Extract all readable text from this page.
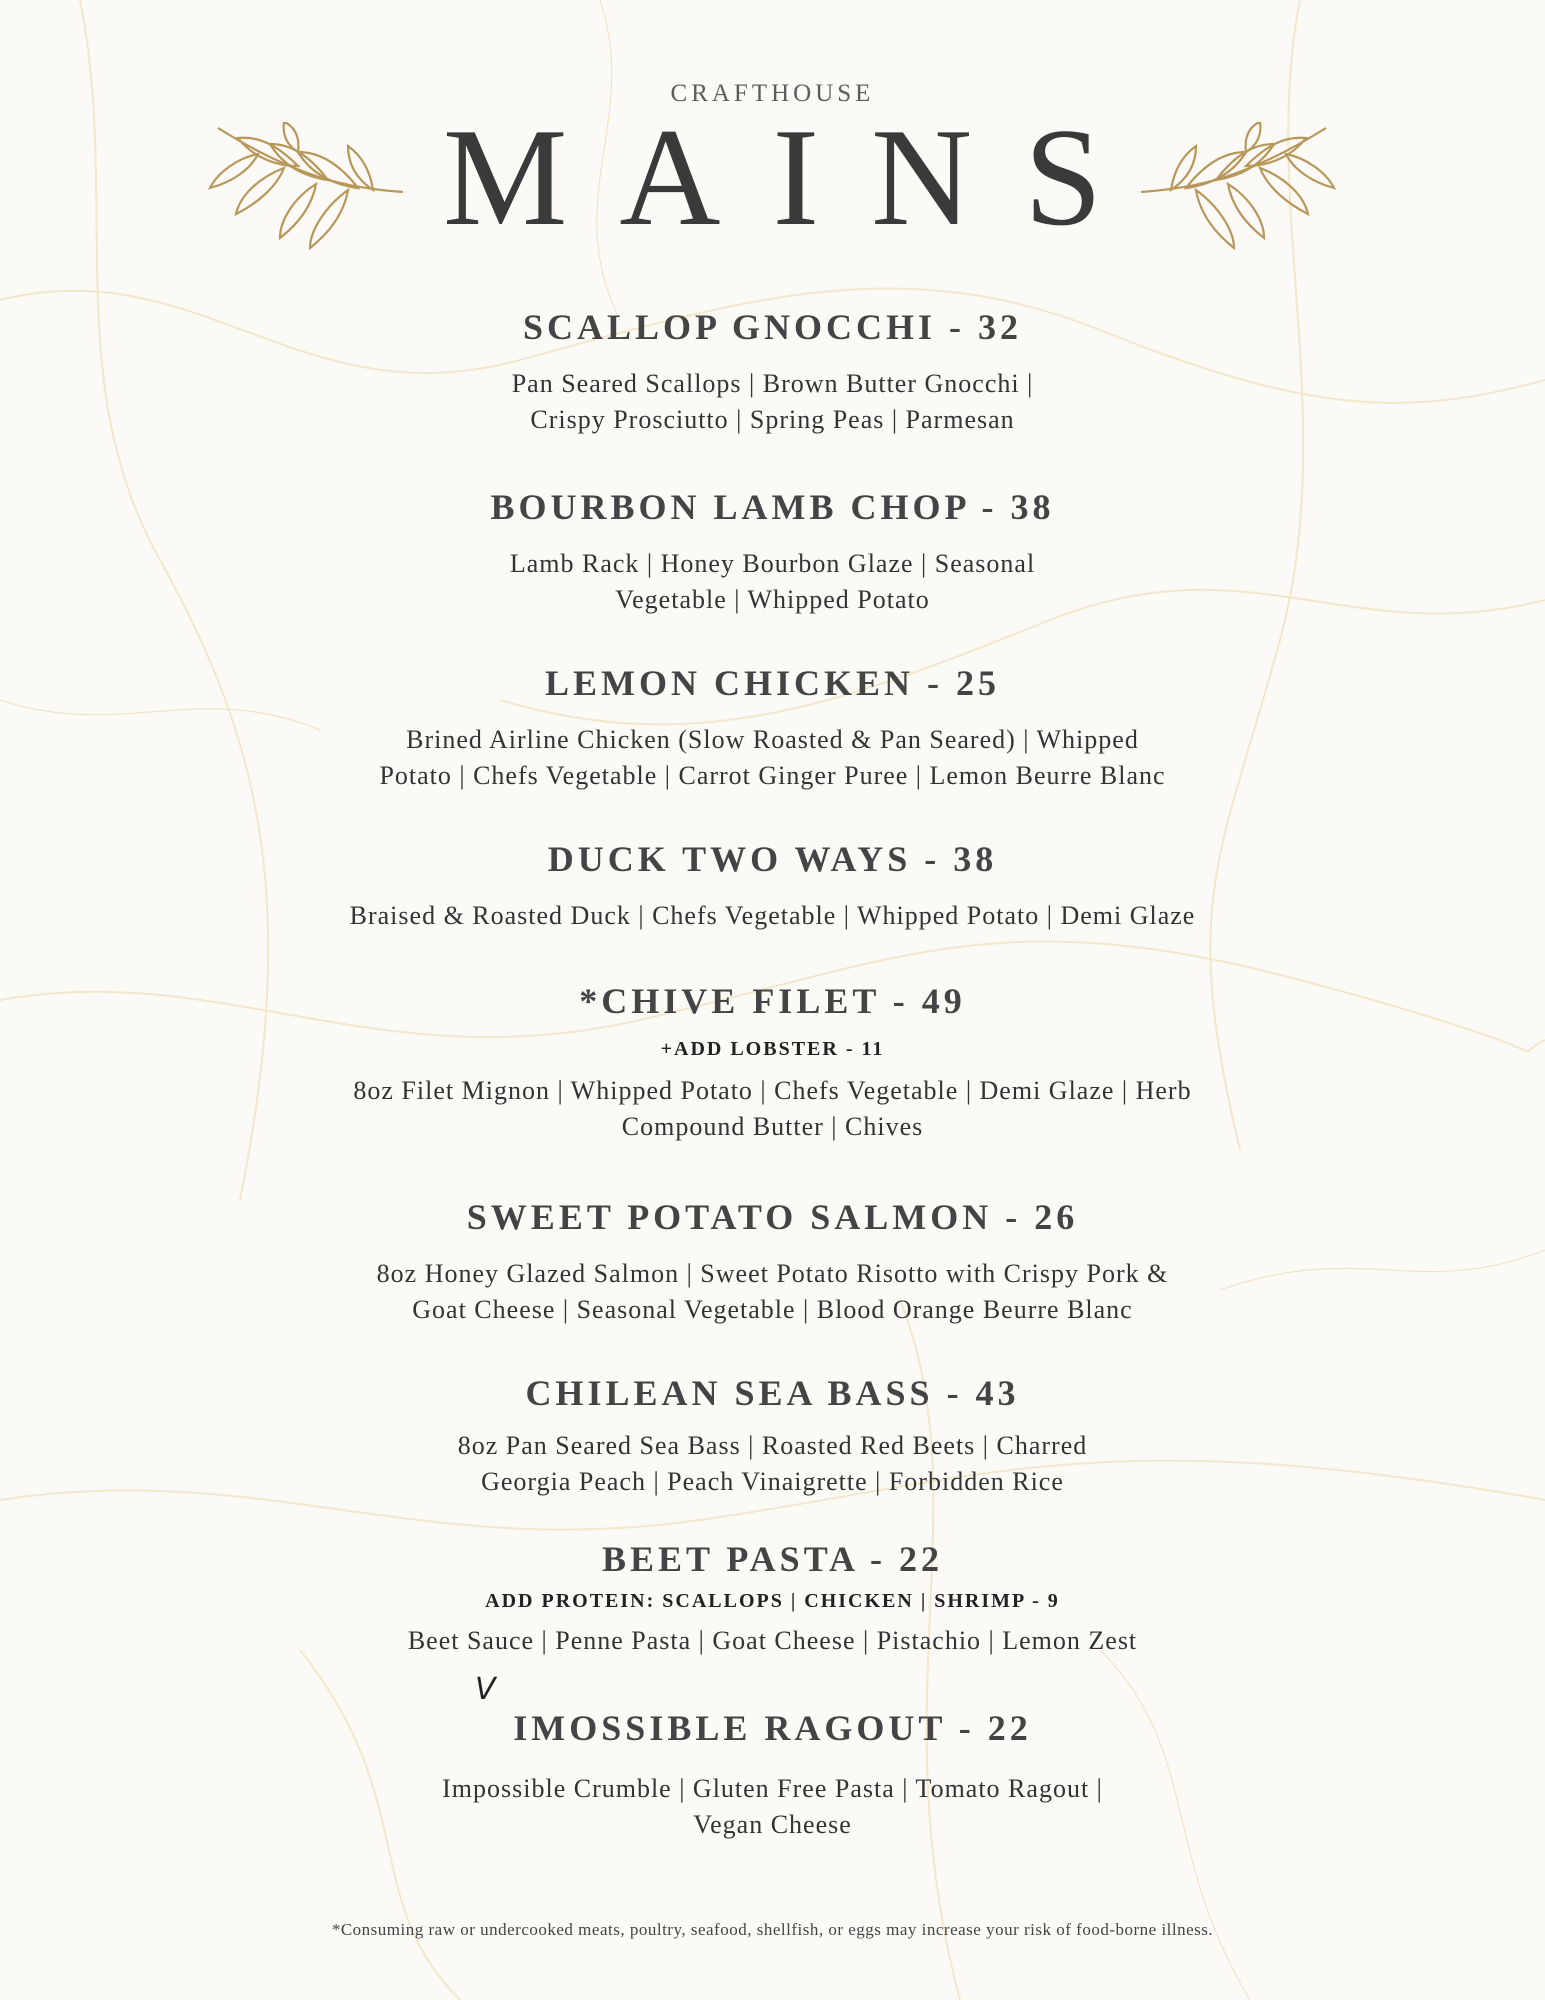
CRAFTHOUSE
MAINS
SCALLOP GNOCCHI - 32
Pan Seared Scallops | Brown Butter Gnocchi |
Crispy Prosciutto | Spring Peas | Parmesan
BOURBON LAMB CHOP - 38
Lamb Rack | Honey Bourbon Glaze | Seasonal
Vegetable | Whipped Potato
LEMON CHICKEN - 25
Brined Airline Chicken (Slow Roasted & Pan Seared) | Whipped
Potato | Chefs Vegetable | Carrot Ginger Puree | Lemon Beurre Blanc
DUCK TWO WAYS - 38
Braised & Roasted Duck | Chefs Vegetable | Whipped Potato | Demi Glaze
*CHIVE FILET - 49
+ADD LOBSTER - 11
8oz Filet Mignon | Whipped Potato | Chefs Vegetable | Demi Glaze | Herb
Compound Butter | Chives
SWEET POTATO SALMON - 26
8oz Honey Glazed Salmon | Sweet Potato Risotto with Crispy Pork &
Goat Cheese | Seasonal Vegetable | Blood Orange Beurre Blanc
CHILEAN SEA BASS - 43
8oz Pan Seared Sea Bass | Roasted Red Beets | Charred
Georgia Peach | Peach Vinaigrette | Forbidden Rice
BEET PASTA - 22
ADD PROTEIN: SCALLOPS | CHICKEN | SHRIMP - 9
Beet Sauce | Penne Pasta | Goat Cheese | Pistachio | Lemon Zest
V
IMOSSIBLE RAGOUT - 22
Impossible Crumble | Gluten Free Pasta | Tomato Ragout |
Vegan Cheese
*Consuming raw or undercooked meats, poultry, seafood, shellfish, or eggs may increase your risk of food-borne illness.
